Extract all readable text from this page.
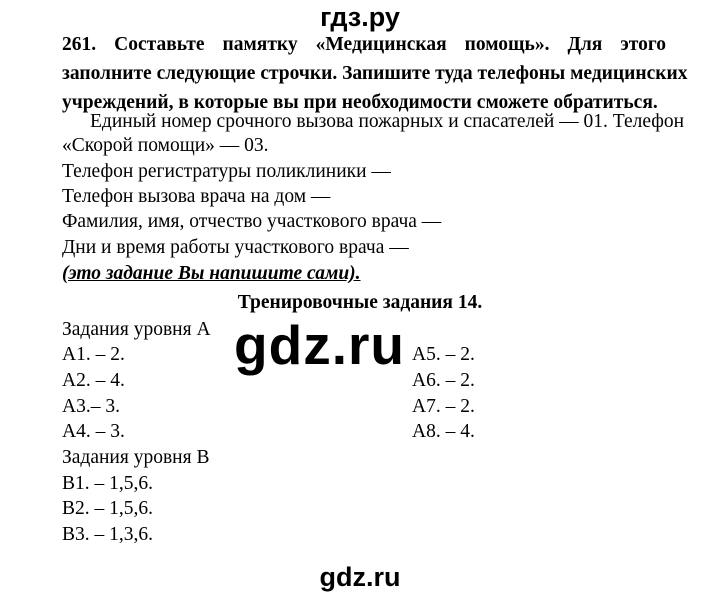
гдз.ру
261. Составьте памятку «Медицинская помощь». Для этого
заполните следующие строчки. Запишите туда телефоны медицинских
учреждений, в которые вы при необходимости сможете обратиться.
Единый номер срочного вызова пожарных и спасателей — 01. Телефон
«Скорой помощи» — 03.
Телефон регистратуры поликлиники —
Телефон вызова врача на дом —
Фамилия, имя, отчество участкового врача —
Дни и время работы участкового врача —
(это задание Вы напишите сами).
Тренировочные задания 14.
Задания уровня А
А1. – 2.
А2. – 4.
А3.– 3.
А4. – 3.
А5. – 2.
А6. – 2.
А7. – 2.
А8. – 4.
Задания уровня В
В1. – 1,5,6.
В2. – 1,5,6.
В3. – 1,3,6.
gdz.ru
gdz.ru
